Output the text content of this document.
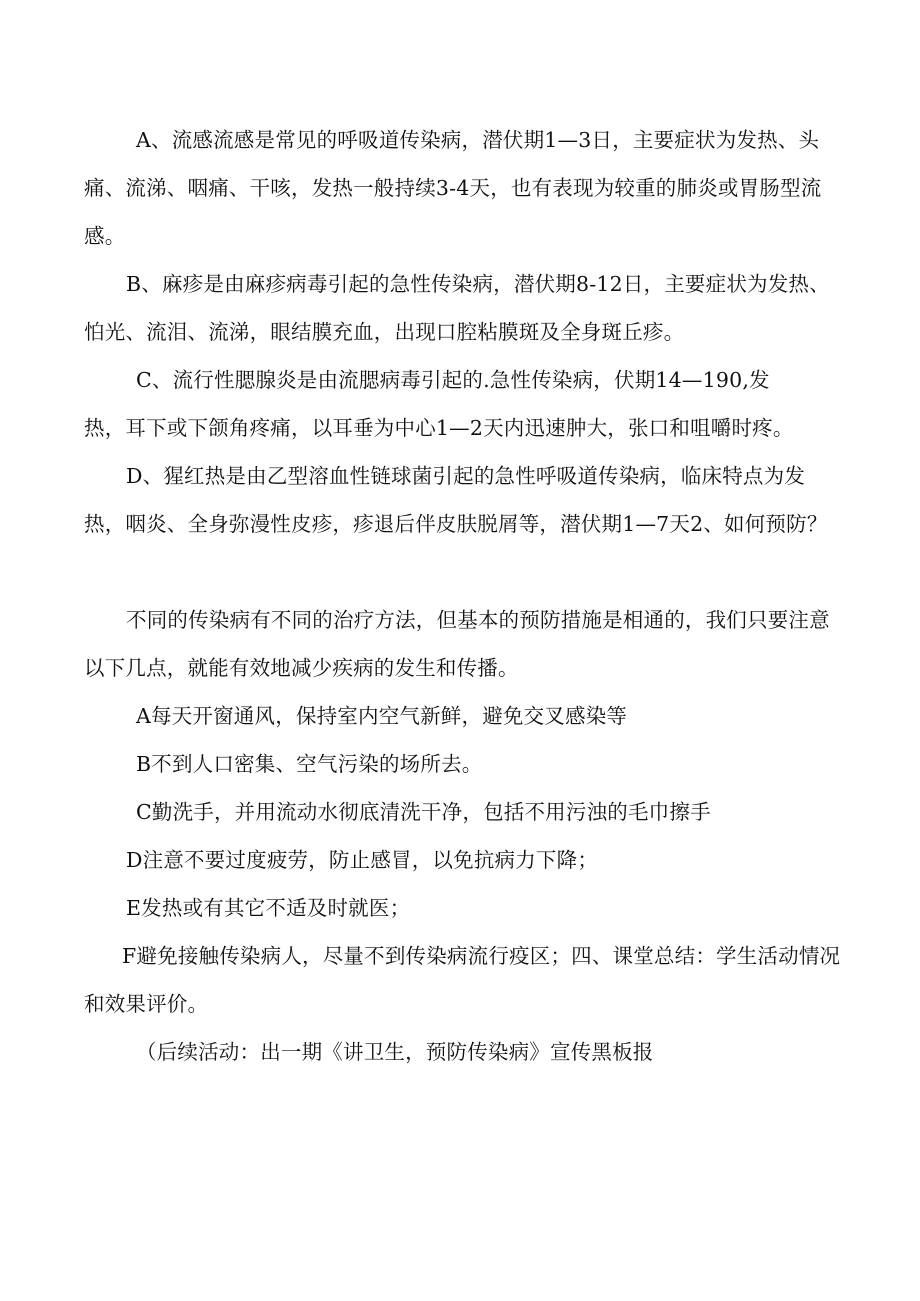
A、流感流感是常见的呼吸道传染病，潜伏期1—3日，主要症状为发热、头痛、流涕、咽痛、干咳，发热一般持续3-4天，也有表现为较重的肺炎或胃肠型流感。

B、麻疹是由麻疹病毒引起的急性传染病，潜伏期8-12日，主要症状为发热、怕光、流泪、流涕，眼结膜充血，出现口腔粘膜斑及全身斑丘疹。

C、流行性腮腺炎是由流腮病毒引起的.急性传染病，伏期14—190,发

热，耳下或下颌角疼痛，以耳垂为中心1—2天内迅速肿大，张口和咀嚼时疼。

D、猩红热是由乙型溶血性链球菌引起的急性呼吸道传染病，临床特点为发热，咽炎、全身弥漫性皮疹，疹退后伴皮肤脱屑等，潜伏期1—7天2、如何预防？

不同的传染病有不同的治疗方法，但基本的预防措施是相通的，我们只要注意以下几点，就能有效地减少疾病的发生和传播。

A每天开窗通风，保持室内空气新鲜，避免交叉感染等

B不到人口密集、空气污染的场所去。

C勤洗手，并用流动水彻底清洗干净，包括不用污浊的毛巾擦手

D注意不要过度疲劳，防止感冒，以免抗病力下降；

E发热或有其它不适及时就医；

F避免接触传染病人，尽量不到传染病流行疫区；四、课堂总结：学生活动情况和效果评价。

（后续活动：出一期《讲卫生，预防传染病》宣传黑板报
